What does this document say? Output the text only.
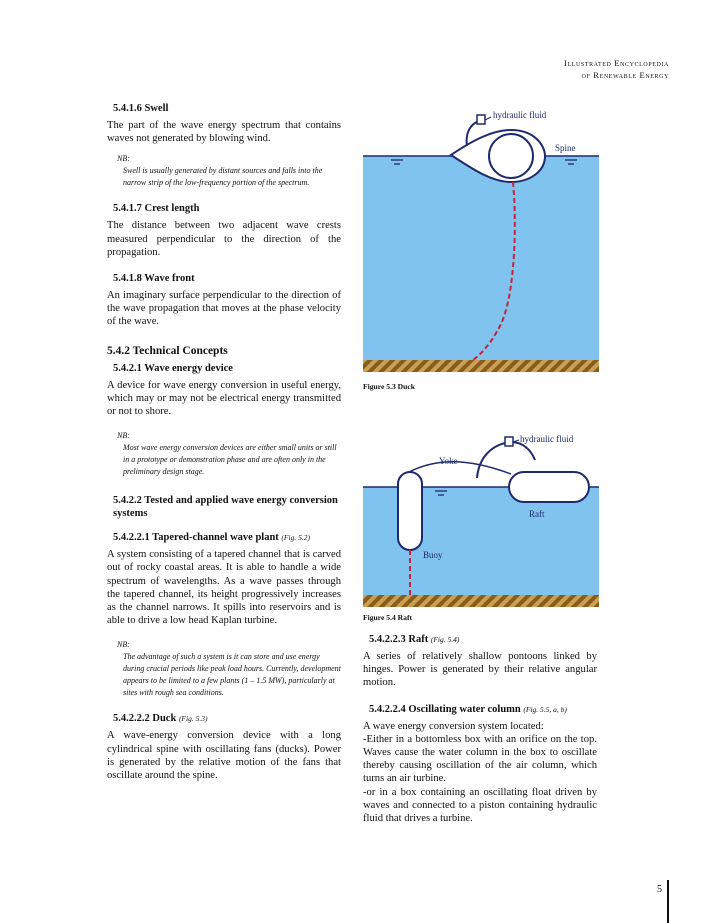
Illustrated Encyclopedia
of Renewable Energy
5.4.1.6 Swell

The part of the wave energy spectrum that contains waves not generated by blowing wind.

NB:
Swell is usually generated by distant sources and falls into the narrow strip of the low-frequency portion of the spectrum.
5.4.1.7 Crest length

The distance between two adjacent wave crests measured perpendicular to the direction of the propagation.

5.4.1.8 Wave front

An imaginary surface perpendicular to the direction of the wave propagation that moves at the phase velocity of the wave.

5.4.2 Technical Concepts
5.4.2.1 Wave energy device

A device for wave energy conversion in useful energy, which may or may not be electrical energy transmitted or not to shore.

NB:
Most wave energy conversion devices are either small units or still in a prototype or demonstration phase and are often only in the preliminary design stage.
5.4.2.2 Tested and applied wave energy conversion systems
5.4.2.2.1 Tapered-channel wave plant (Fig. 5.2)

A system consisting of a tapered channel that is carved out of rocky coastal areas. It is able to handle a wide spectrum of wavelengths. As a wave passes through the tapered channel, its height progressively increases as the channel narrows. It spills into reservoirs and is able to drive a low head Kaplan turbine.

NB:
The advantage of such a system is it can store and use energy during crucial periods like peak load hours. Currently, development appears to be limited to a few plants (1 – 1.5 MW), particularly at sites with rough sea conditions.
5.4.2.2.2 Duck (Fig. 5.3)

A wave-energy conversion device with a long cylindrical spine with oscillating fans (ducks). Power is generated by the relative motion of the fans that oscillate around the spine.

hydraulic fluid
Spine
Figure 5.3 Duck
hydraulic fluid
Yoke
Raft
Buoy
Figure 5.4 Raft
5.4.2.2.3 Raft (Fig. 5.4)

A series of relatively shallow pontoons linked by hinges. Power is generated by their relative angular motion.

5.4.2.2.4 Oscillating water column (Fig. 5.5, a, b)

A wave energy conversion system located:

-Either in a bottomless box with an orifice on the top. Waves cause the water column in the box to oscillate thereby causing oscillation of the air column, which turns an air turbine.

-or in a box containing an oscillating float driven by waves and connected to a piston containing hydraulic fluid that drives a turbine.

5
